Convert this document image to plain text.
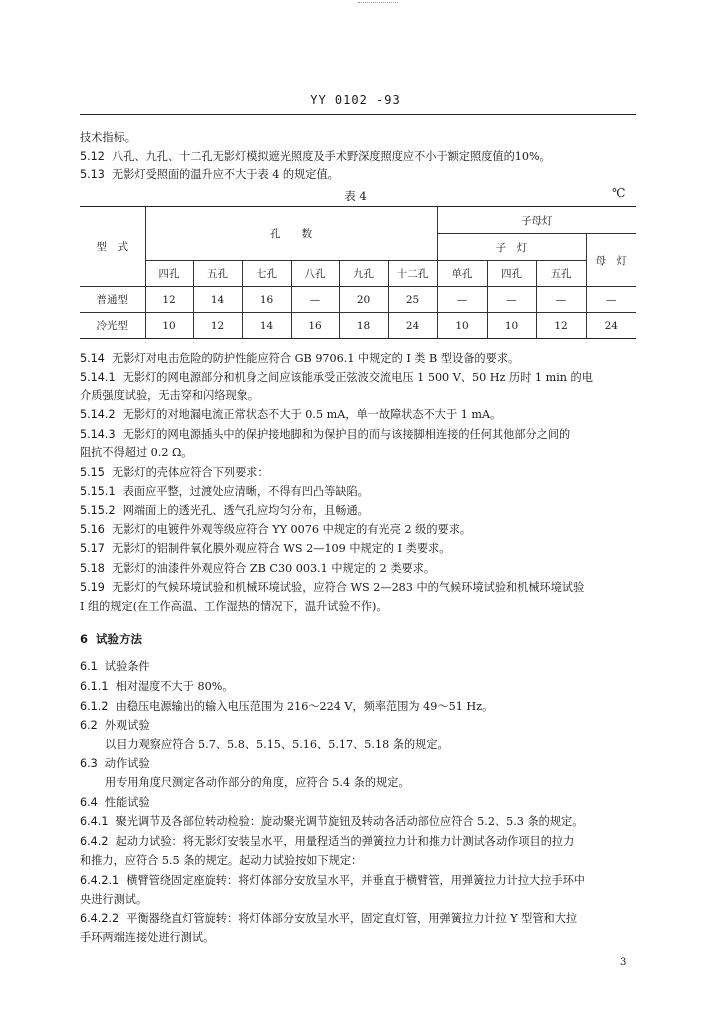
YY 0102 -93
技术指标。
5.12 八孔、九孔、十二孔无影灯模拟遮光照度及手术野深度照度应不小于额定照度值的10%。
5.13 无影灯受照面的温升应不大于表 4 的规定值。
表 4	℃
型　式	孔　　数						子母灯			
							子　灯			母　灯
	四孔	五孔	七孔	八孔	九孔	十二孔	单孔	四孔	五孔	
普通型	12	14	16	—	20	25	—	—	—	—
冷光型	10	12	14	16	18	24	10	10	12	24
5.14 无影灯对电击危险的防护性能应符合 GB 9706.1 中规定的 Ⅰ 类 B 型设备的要求。
5.14.1 无影灯的网电源部分和机身之间应该能承受正弦波交流电压 1 500 V、50 Hz 历时 1 min 的电
介质强度试验，无击穿和闪络现象。
5.14.2 无影灯的对地漏电流正常状态不大于 0.5 mA，单一故障状态不大于 1 mA。
5.14.3 无影灯的网电源插头中的保护接地脚和为保护目的而与该接脚相连接的任何其他部分之间的
阻抗不得超过 0.2 Ω。
5.15 无影灯的壳体应符合下列要求：
5.15.1 表面应平整，过渡处应清晰，不得有凹凸等缺陷。
5.15.2 网端面上的透光孔、透气孔应均匀分布，且畅通。
5.16 无影灯的电镀件外观等级应符合 YY 0076 中规定的有光亮 2 级的要求。
5.17 无影灯的铝制件氧化膜外观应符合 WS 2—109 中规定的 Ⅰ 类要求。
5.18 无影灯的油漆件外观应符合 ZB C30 003.1 中规定的 2 类要求。
5.19 无影灯的气候环境试验和机械环境试验，应符合 WS 2—283 中的气候环境试验和机械环境试验
Ⅰ 组的规定(在工作高温、工作湿热的情况下，温升试验不作)。
6 试验方法
6.1 试验条件
6.1.1 相对湿度不大于 80%。
6.1.2 由稳压电源输出的输入电压范围为 216～224 V，频率范围为 49～51 Hz。
6.2 外观试验
以目力观察应符合 5.7、5.8、5.15、5.16、5.17、5.18 条的规定。
6.3 动作试验
用专用角度尺测定各动作部分的角度，应符合 5.4 条的规定。
6.4 性能试验
6.4.1 聚光调节及各部位转动检验：旋动聚光调节旋钮及转动各活动部位应符合 5.2、5.3 条的规定。
6.4.2 起动力试验：将无影灯安装呈水平，用量程适当的弹簧拉力计和推力计测试各动作项目的拉力
和推力，应符合 5.5 条的规定。起动力试验按如下规定：
6.4.2.1 横臂管绕固定座旋转：将灯体部分安放呈水平，并垂直于横臂管，用弹簧拉力计拉大拉手环中
央进行测试。
6.4.2.2 平衡器绕直灯管旋转：将灯体部分安放呈水平，固定直灯管，用弹簧拉力计拉 Y 型管和大拉
手环两端连接处进行测试。
3
